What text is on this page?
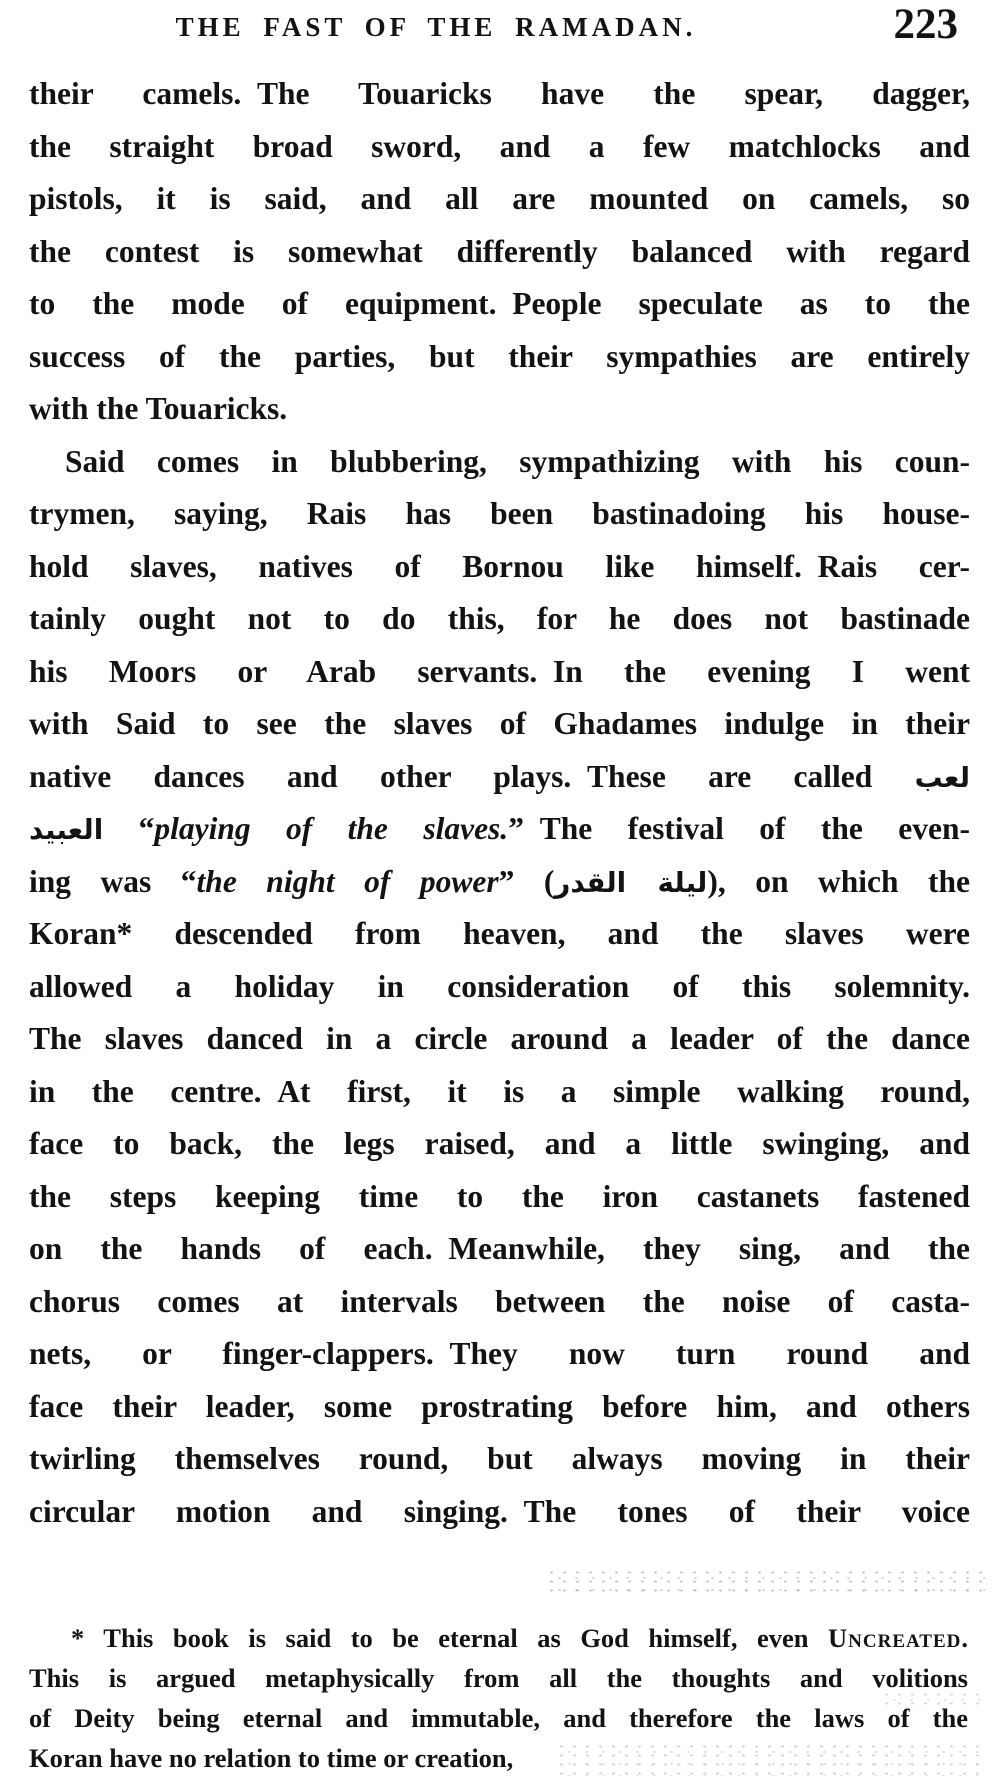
THE FAST OF THE RAMADAN.	223
their camels. The Touaricks have the spear, dagger,
the straight broad sword, and a few matchlocks and
pistols, it is said, and all are mounted on camels, so
the contest is somewhat differently balanced with regard
to the mode of equipment. People speculate as to the
success of the parties, but their sympathies are entirely
with the Touaricks.
Said comes in blubbering, sympathizing with his coun-
trymen, saying, Rais has been bastinadoing his house-
hold slaves, natives of Bornou like himself. Rais cer-
tainly ought not to do this, for he does not bastinade
his Moors or Arab servants. In the evening I went
with Said to see the slaves of Ghadames indulge in their
native dances and other plays. These are called لعب
العبيد “playing of the slaves.” The festival of the even-
ing was “the night of power” (ليلة القدر), on which the
Koran* descended from heaven, and the slaves were
allowed a holiday in consideration of this solemnity.
The slaves danced in a circle around a leader of the dance
in the centre. At first, it is a simple walking round,
face to back, the legs raised, and a little swinging, and
the steps keeping time to the iron castanets fastened
on the hands of each. Meanwhile, they sing, and the
chorus comes at intervals between the noise of casta-
nets, or finger-clappers. They now turn round and
face their leader, some prostrating before him, and others
twirling themselves round, but always moving in their
circular motion and singing. The tones of their voice
* This book is said to be eternal as God himself, even Uncreated.
This is argued metaphysically from all the thoughts and volitions
of Deity being eternal and immutable, and therefore the laws of the
Koran have no relation to time or creation,
